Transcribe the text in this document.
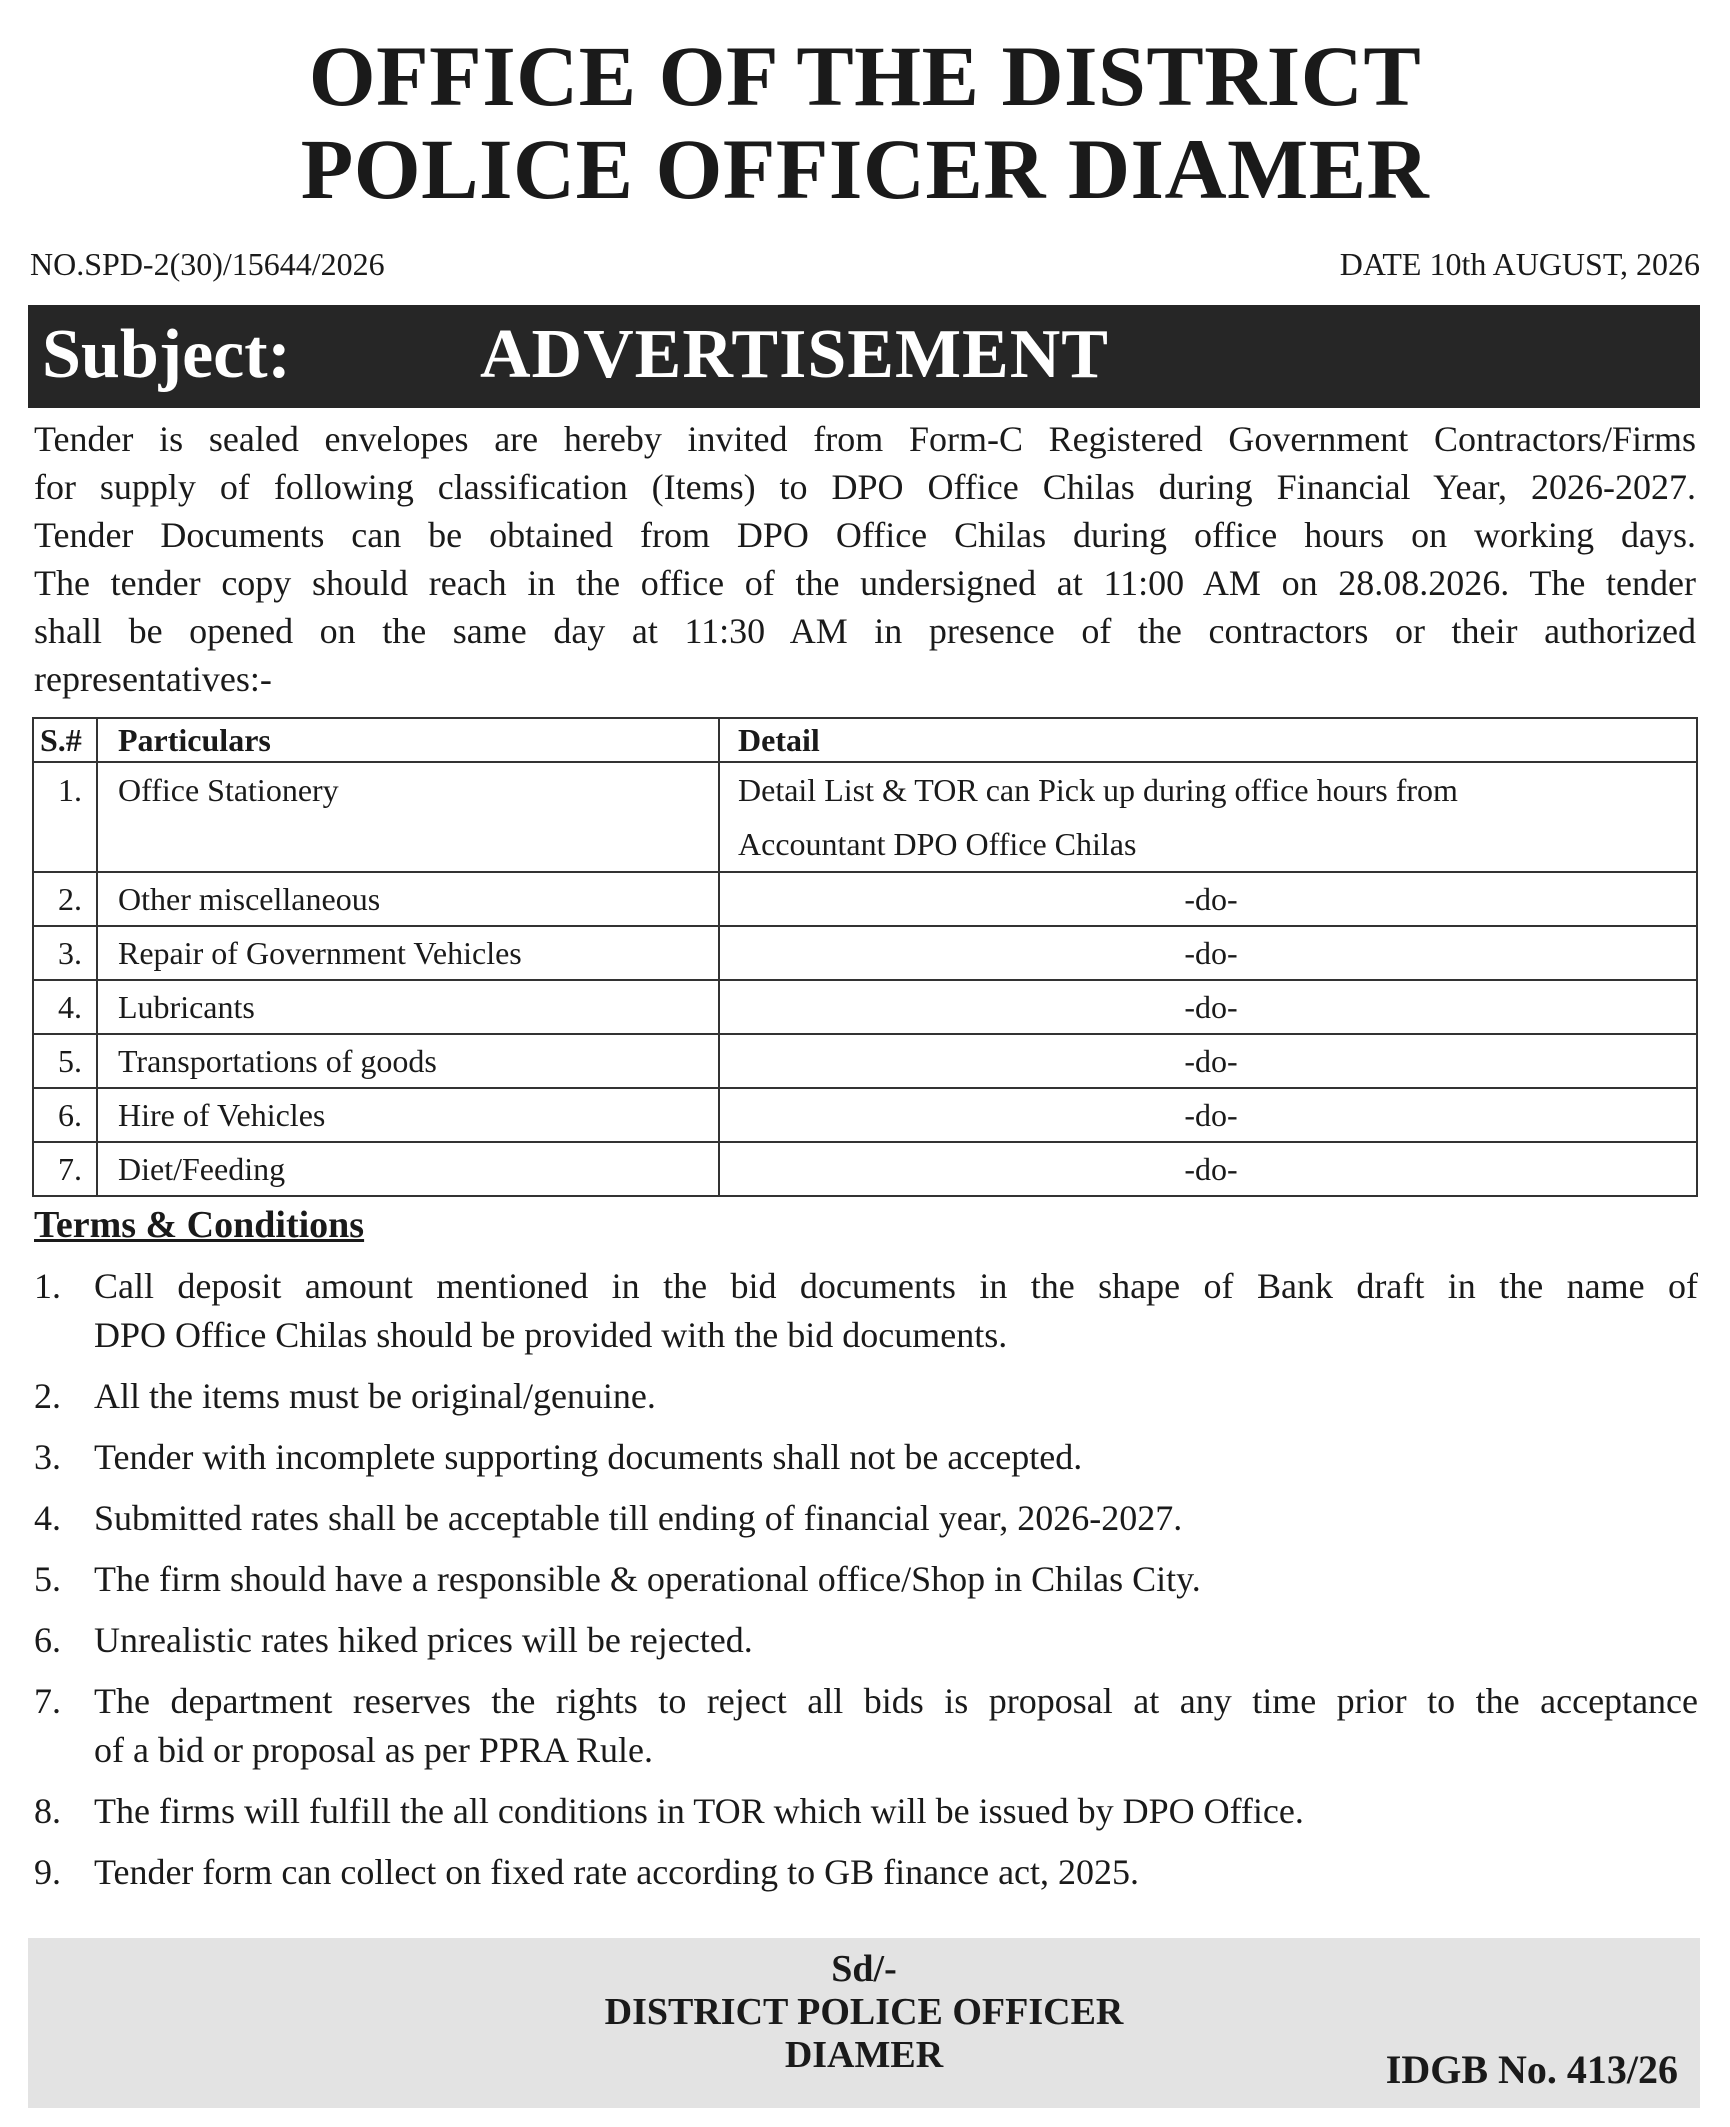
OFFICE OF THE DISTRICT
POLICE OFFICER DIAMER
NO.SPD-2(30)/15644/2026	DATE 10th AUGUST, 2026
Subject:	ADVERTISEMENT
Tender is sealed envelopes are hereby invited from Form-C Registered Government Contractors/Firms
for supply of following classification (Items) to DPO Office Chilas during Financial Year, 2026-2027.
Tender Documents can be obtained from DPO Office Chilas during office hours on working days.
The tender copy should reach in the office of the undersigned at 11:00 AM on 28.08.2026. The tender
shall be opened on the same day at 11:30 AM in presence of the contractors or their authorized
representatives:-
S.#	Particulars	Detail
1.	Office Stationery	Detail List & TOR can Pick up during office hours from
Accountant DPO Office Chilas

2.	Other miscellaneous	-do-
3.	Repair of Government Vehicles	-do-
4.	Lubricants	-do-
5.	Transportations of goods	-do-
6.	Hire of Vehicles	-do-
7.	Diet/Feeding	-do-
Terms & Conditions
1. Call deposit amount mentioned in the bid documents in the shape of Bank draft in the name of
DPO Office Chilas should be provided with the bid documents.
2. All the items must be original/genuine.
3. Tender with incomplete supporting documents shall not be accepted.
4. Submitted rates shall be acceptable till ending of financial year, 2026-2027.
5. The firm should have a responsible & operational office/Shop in Chilas City.
6. Unrealistic rates hiked prices will be rejected.
7. The department reserves the rights to reject all bids is proposal at any time prior to the acceptance
of a bid or proposal as per PPRA Rule.
8. The firms will fulfill the all conditions in TOR which will be issued by DPO Office.
9. Tender form can collect on fixed rate according to GB finance act, 2025.
Sd/-
DISTRICT POLICE OFFICER
DIAMER	IDGB No. 413/26
